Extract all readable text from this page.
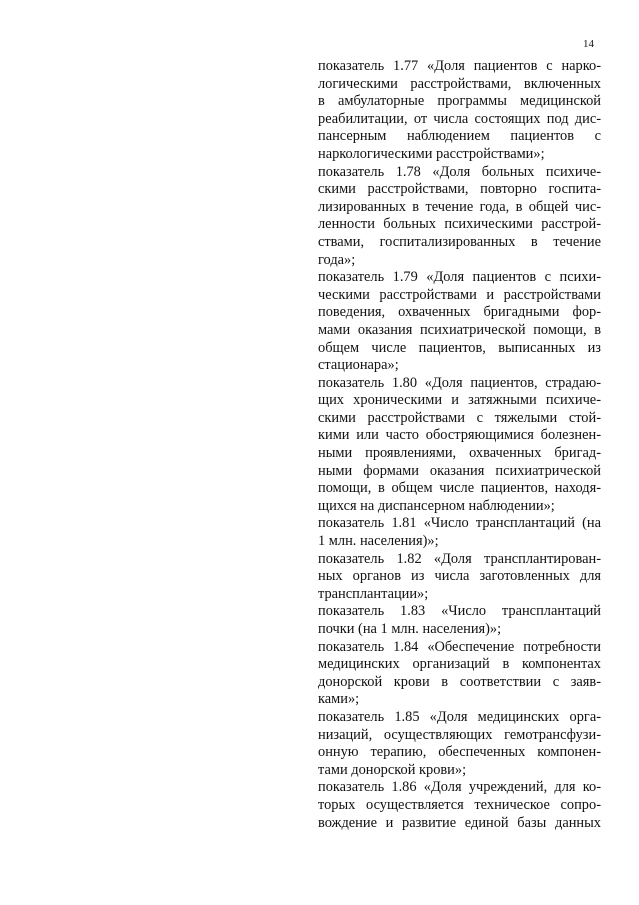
14
показатель 1.77 «Доля пациентов с нарко-
логическими расстройствами, включенных
в амбулаторные программы медицинской
реабилитации, от числа состоящих под дис-
пансерным наблюдением пациентов с
наркологическими расстройствами»;
показатель 1.78 «Доля больных психиче-
скими расстройствами, повторно госпита-
лизированных в течение года, в общей чис-
ленности больных психическими расстрой-
ствами, госпитализированных в течение
года»;
показатель 1.79 «Доля пациентов с психи-
ческими расстройствами и расстройствами
поведения, охваченных бригадными фор-
мами оказания психиатрической помощи, в
общем числе пациентов, выписанных из
стационара»;
показатель 1.80 «Доля пациентов, страдаю-
щих хроническими и затяжными психиче-
скими расстройствами с тяжелыми стой-
кими или часто обостряющимися болезнен-
ными проявлениями, охваченных бригад-
ными формами оказания психиатрической
помощи, в общем числе пациентов, находя-
щихся на диспансерном наблюдении»;
показатель 1.81 «Число трансплантаций (на
1 млн. населения)»;
показатель 1.82 «Доля трансплантирован-
ных органов из числа заготовленных для
трансплантации»;
показатель 1.83 «Число трансплантаций
почки (на 1 млн. населения)»;
показатель 1.84 «Обеспечение потребности
медицинских организаций в компонентах
донорской крови в соответствии с заяв-
ками»;
показатель 1.85 «Доля медицинских орга-
низаций, осуществляющих гемотрансфузи-
онную терапию, обеспеченных компонен-
тами донорской крови»;
показатель 1.86 «Доля учреждений, для ко-
торых осуществляется техническое сопро-
вождение и развитие единой базы данных
